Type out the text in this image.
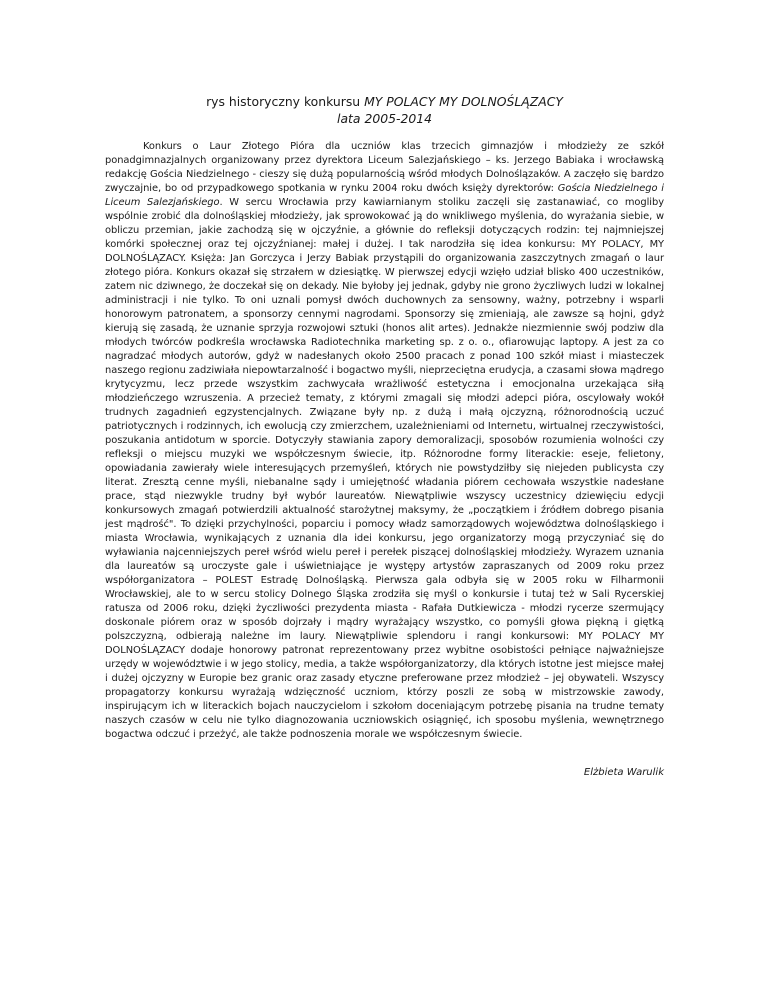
rys historyczny konkursu MY POLACY MY DOLNOŚLĄZACY

lata 2005-2014

Konkurs o Laur Złotego Pióra dla uczniów klas trzecich gimnazjów i młodzieży ze szkół ponadgimnazjalnych organizowany przez dyrektora Liceum Salezjańskiego – ks. Jerzego Babiaka i wrocławską redakcję Gościa Niedzielnego - cieszy się dużą popularnością wśród młodych Dolnoślązaków. A zaczęło się bardzo zwyczajnie, bo od przypadkowego spotkania w rynku 2004 roku dwóch księży dyrektorów: Gościa Niedzielnego i Liceum Salezjańskiego. W sercu Wrocławia przy kawiarnianym stoliku zaczęli się zastanawiać, co mogliby wspólnie zrobić dla dolnośląskiej młodzieży, jak sprowokować ją do wnikliwego myślenia, do wyrażania siebie, w obliczu przemian, jakie zachodzą się w ojczyźnie, a głównie do refleksji dotyczących rodzin: tej najmniejszej komórki społecznej oraz tej ojczyźnianej: małej i dużej. I tak narodziła się idea konkursu: MY POLACY, MY DOLNOŚLĄZACY. Księża: Jan Gorczyca i Jerzy Babiak przystąpili do organizowania zaszczytnych zmagań o laur złotego pióra. Konkurs okazał się strzałem w dziesiątkę. W pierwszej edycji wzięło udział blisko 400 uczestników, zatem nic dziwnego, że doczekał się on dekady. Nie byłoby jej jednak, gdyby nie grono życzliwych ludzi w lokalnej administracji i nie tylko. To oni uznali pomysł dwóch duchownych za sensowny, ważny, potrzebny i wsparli honorowym patronatem, a sponsorzy cennymi nagrodami. Sponsorzy się zmieniają, ale zawsze są hojni, gdyż kierują się zasadą, że uznanie sprzyja rozwojowi sztuki (honos alit artes). Jednakże niezmiennie swój podziw dla młodych twórców podkreśla wrocławska Radiotechnika marketing sp. z o. o., ofiarowując laptopy. A jest za co nagradzać młodych autorów, gdyż w nadesłanych około 2500 pracach z ponad 100 szkół miast i miasteczek naszego regionu zadziwiała niepowtarzalność i bogactwo myśli, nieprzeciętna erudycja, a czasami słowa mądrego krytycyzmu, lecz przede wszystkim zachwycała wrażliwość estetyczna i emocjonalna urzekająca siłą młodzieńczego wzruszenia. A przecież tematy, z którymi zmagali się młodzi adepci pióra, oscylowały wokół trudnych zagadnień egzystencjalnych. Związane były np. z dużą i małą ojczyzną, różnorodnością uczuć patriotycznych i rodzinnych, ich ewolucją czy zmierzchem, uzależnieniami od Internetu, wirtualnej rzeczywistości, poszukania antidotum w sporcie. Dotyczyły stawiania zapory demoralizacji, sposobów rozumienia wolności czy refleksji o miejscu muzyki we współczesnym świecie, itp. Różnorodne formy literackie: eseje, felietony, opowiadania zawierały wiele interesujących przemyśleń, których nie powstydziłby się niejeden publicysta czy literat. Zresztą cenne myśli, niebanalne sądy i umiejętność władania piórem cechowała wszystkie nadesłane prace, stąd niezwykle trudny był wybór laureatów. Niewątpliwie wszyscy uczestnicy dziewięciu edycji konkursowych zmagań potwierdzili aktualność starożytnej maksymy, że „początkiem i źródłem dobrego pisania jest mądrość". To dzięki przychylności, poparciu i pomocy władz samorządowych województwa dolnośląskiego i miasta Wrocławia, wynikających z uznania dla idei konkursu, jego organizatorzy mogą przyczyniać się do wyławiania najcenniejszych pereł wśród wielu pereł i perełek piszącej dolnośląskiej młodzieży. Wyrazem uznania dla laureatów są uroczyste gale i uświetniające je występy artystów zapraszanych od 2009 roku przez współorganizatora – POLEST Estradę Dolnośląską. Pierwsza gala odbyła się w 2005 roku w Filharmonii Wrocławskiej, ale to w sercu stolicy Dolnego Śląska zrodziła się myśl o konkursie i tutaj też w Sali Rycerskiej ratusza od 2006 roku, dzięki życzliwości prezydenta miasta - Rafała Dutkiewicza - młodzi rycerze szermujący doskonale piórem oraz w sposób dojrzały i mądry wyrażający wszystko, co pomyśli głowa piękną i giętką polszczyzną, odbierają należne im laury. Niewątpliwie splendoru i rangi konkursowi: MY POLACY MY DOLNOŚLĄZACY dodaje honorowy patronat reprezentowany przez wybitne osobistości pełniące najważniejsze urzędy w województwie i w jego stolicy, media, a także współorganizatorzy, dla których istotne jest miejsce małej i dużej ojczyzny w Europie bez granic oraz zasady etyczne preferowane przez młodzież – jej obywateli. Wszyscy propagatorzy konkursu wyrażają wdzięczność uczniom, którzy poszli ze sobą w mistrzowskie zawody, inspirującym ich w literackich bojach nauczycielom i szkołom doceniającym potrzebę pisania na trudne tematy naszych czasów w celu nie tylko diagnozowania uczniowskich osiągnięć, ich sposobu myślenia, wewnętrznego bogactwa odczuć i przeżyć, ale także podnoszenia morale we współczesnym świecie.

Elżbieta Warulik
